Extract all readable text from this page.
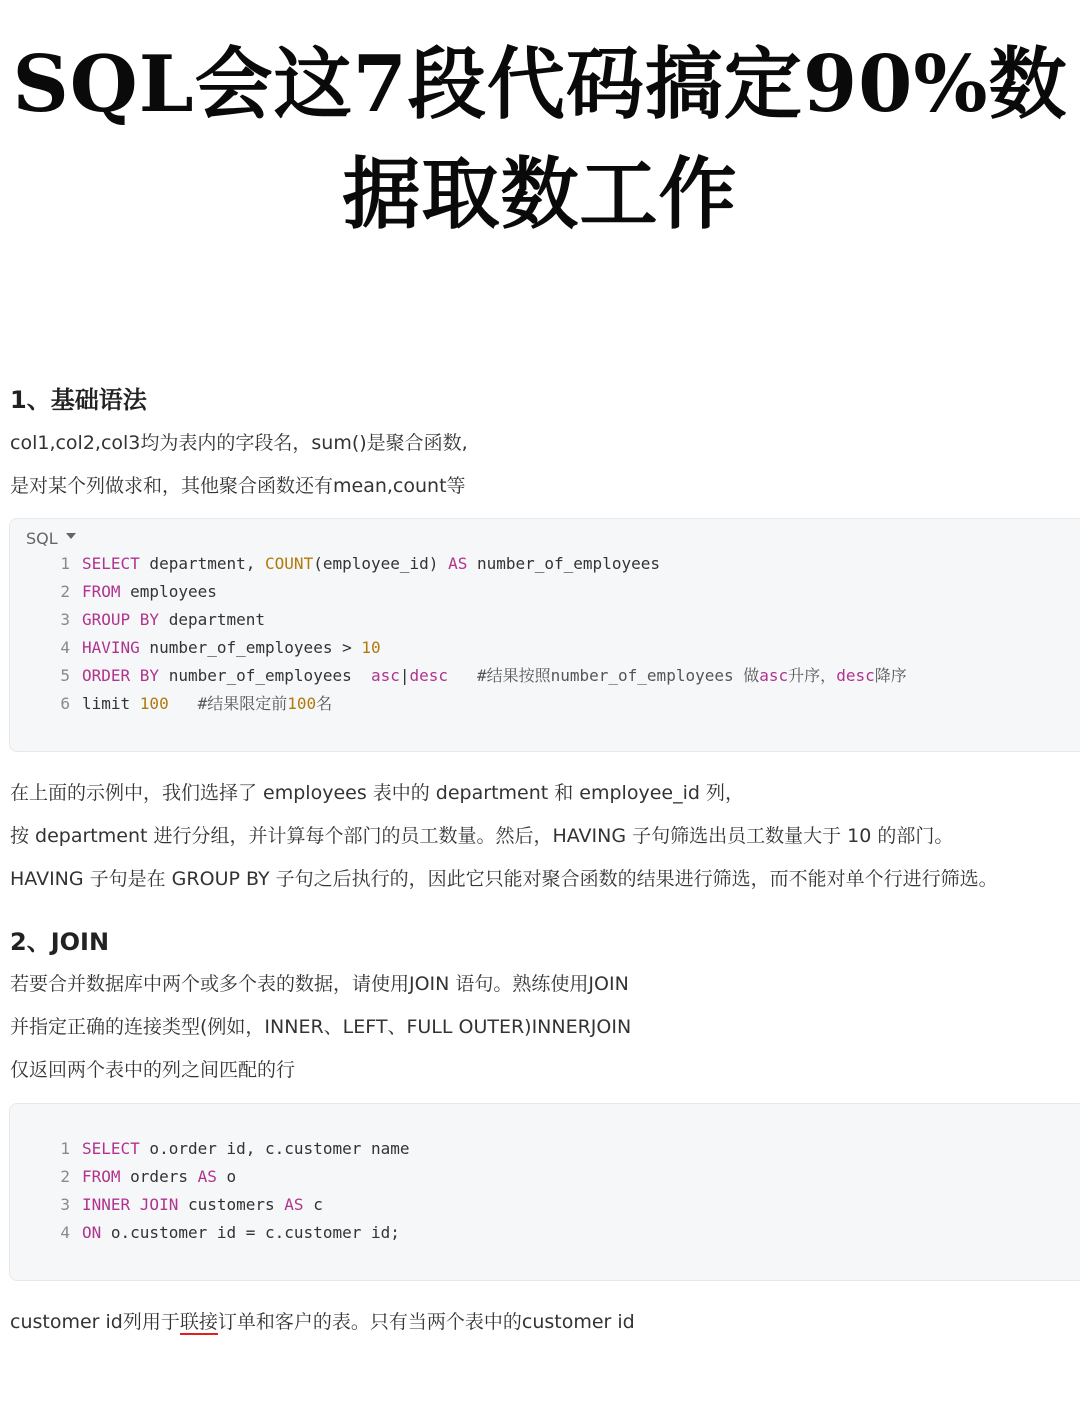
SQL会这7段代码搞定90%数
据取数工作
1、基础语法
col1,col2,col3均为表内的字段名，sum()是聚合函数,
是对某个列做求和，其他聚合函数还有mean,count等
SQL
1 SELECT department, COUNT(employee_id) AS number_of_employees
2 FROM employees
3 GROUP BY department
4 HAVING number_of_employees > 10
5 ORDER BY number_of_employees  asc|desc   #结果按照number_of_employees 做asc升序，desc降序
6 limit 100   #结果限定前100名
在上面的示例中，我们选择了 employees 表中的 department 和 employee_id 列，
按 department 进行分组，并计算每个部门的员工数量。然后，HAVING 子句筛选出员工数量大于 10 的部门。
HAVING 子句是在 GROUP BY 子句之后执行的，因此它只能对聚合函数的结果进行筛选，而不能对单个行进行筛选。
2、JOIN
若要合并数据库中两个或多个表的数据，请使用JOIN 语句。熟练使用JOIN
并指定正确的连接类型(例如，INNER、LEFT、FULL OUTER)INNERJOIN
仅返回两个表中的列之间匹配的行
1 SELECT o.order id, c.customer name
2 FROM orders AS o
3 INNER JOIN customers AS c
4 ON o.customer id = c.customer id;
customer id列用于联接订单和客户的表。只有当两个表中的customer id
